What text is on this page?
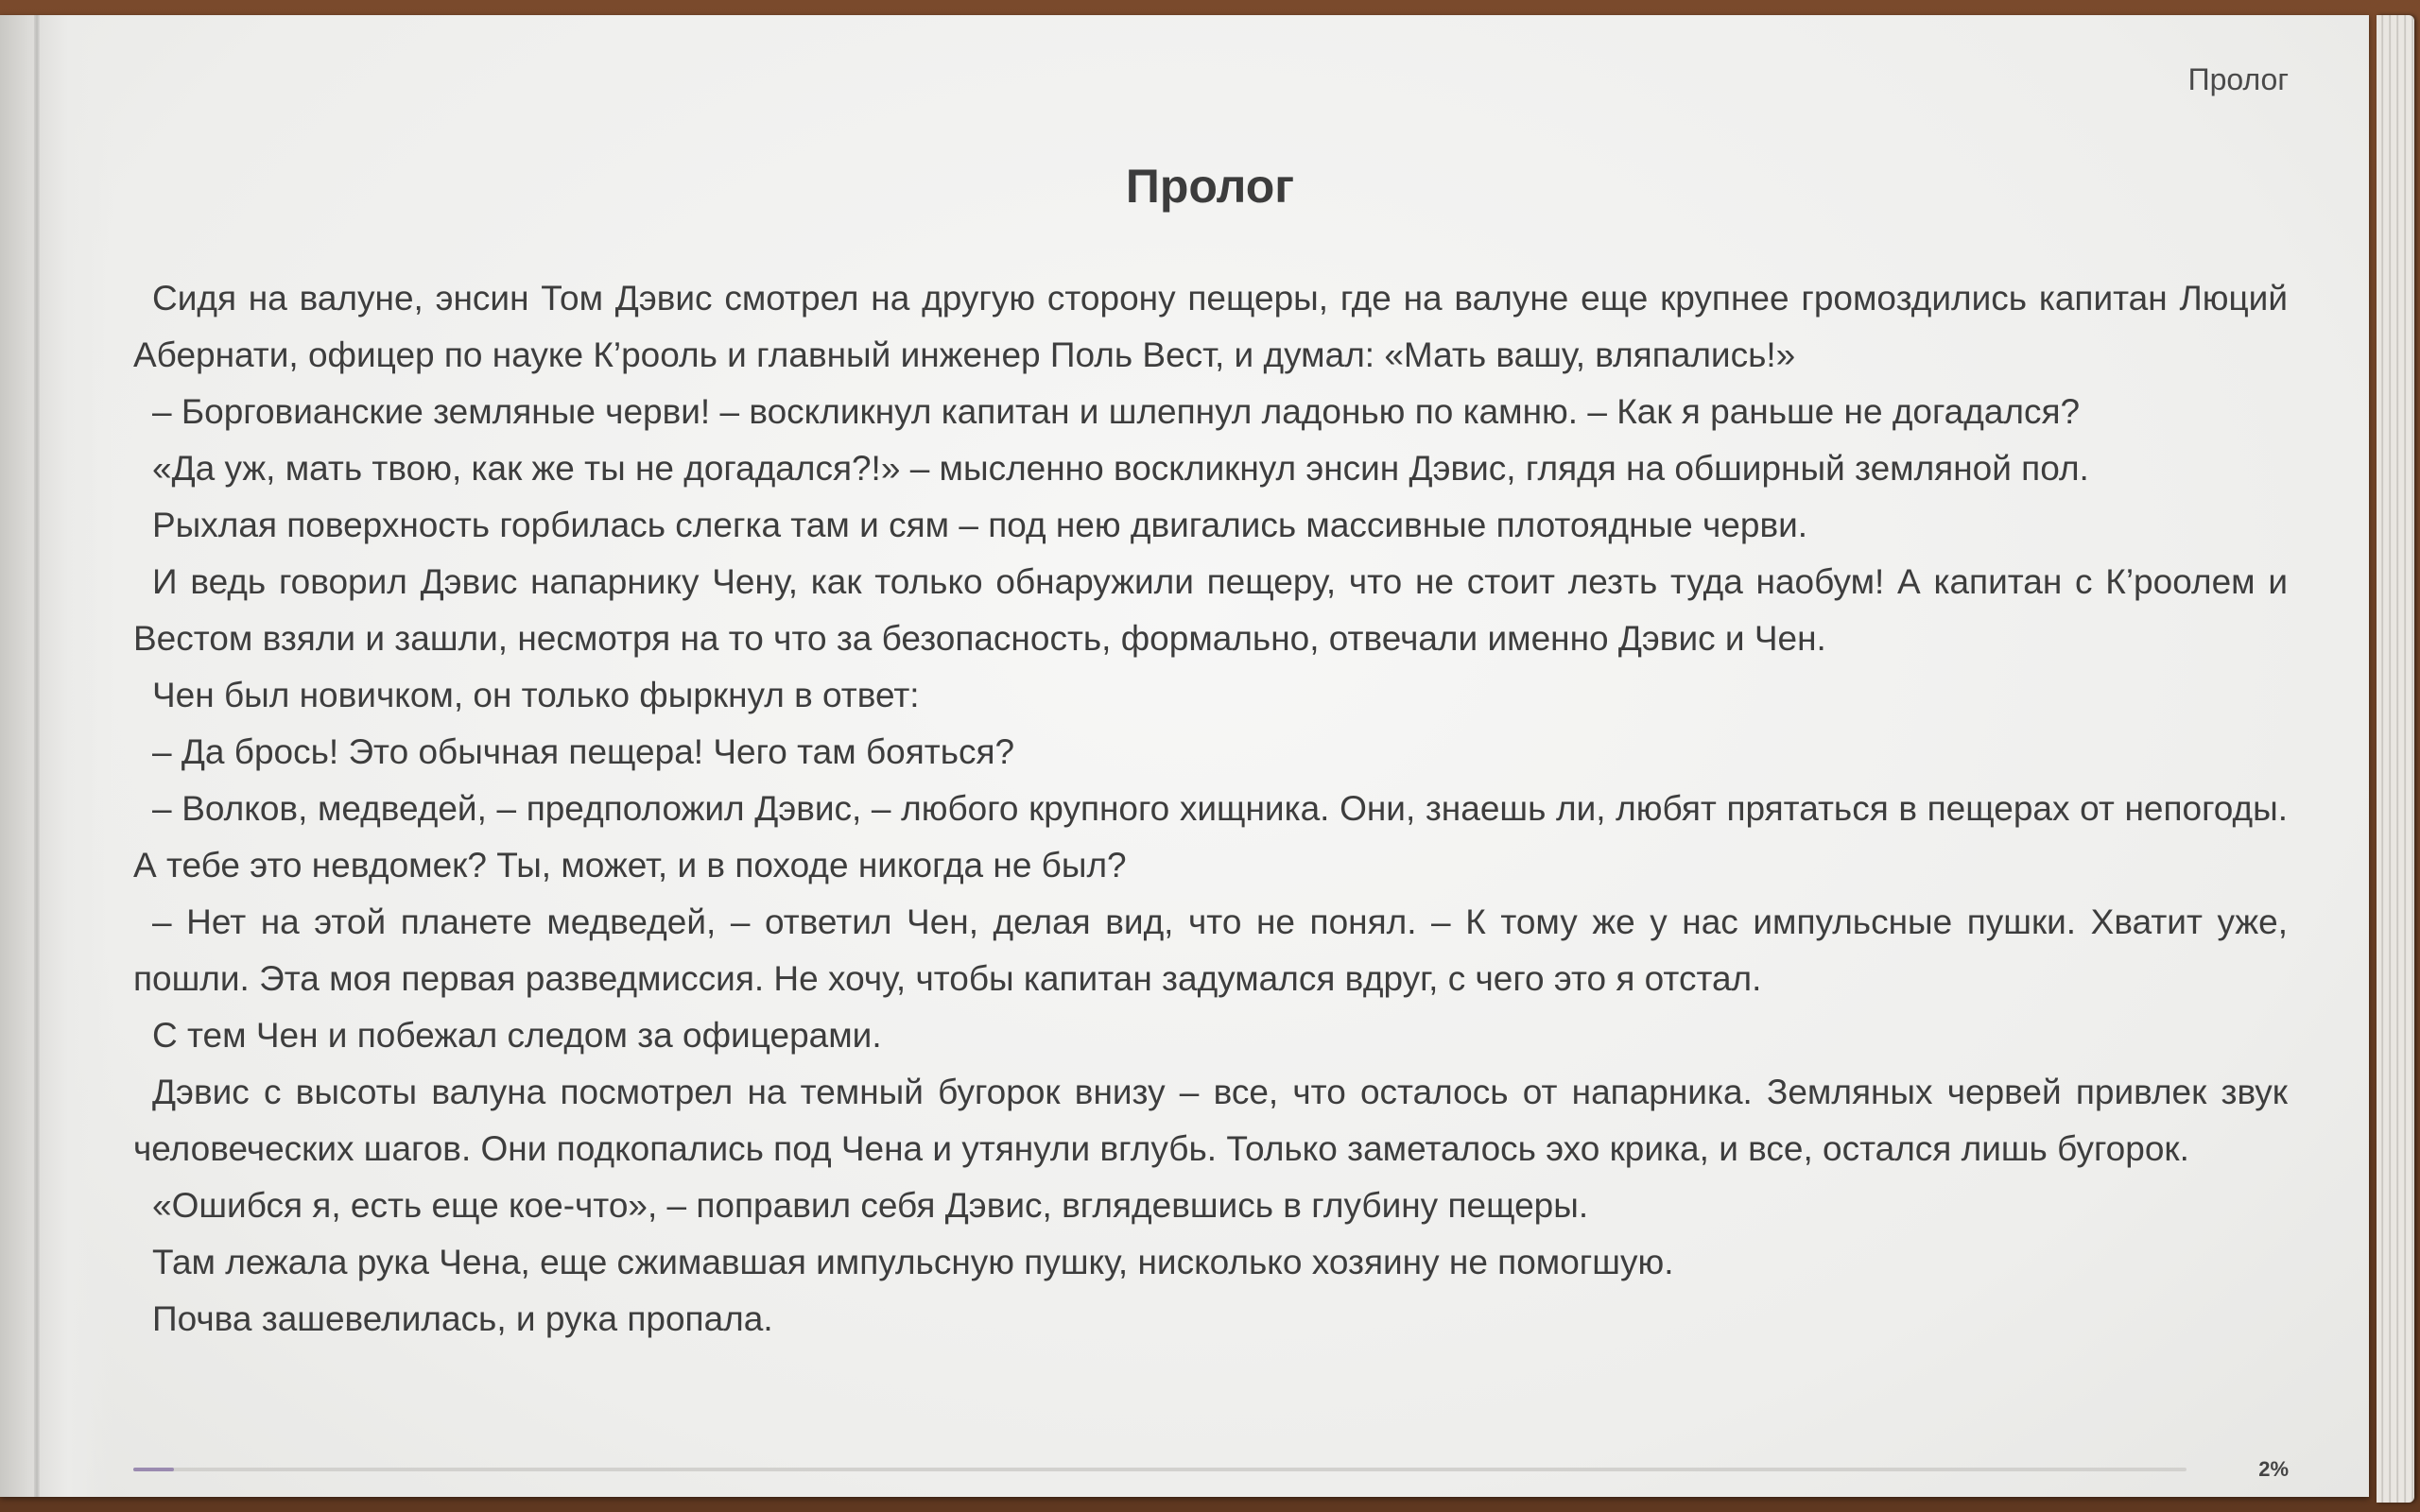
Пролог
Пролог

Сидя на валуне, энсин Том Дэвис смотрел на другую сторону пещеры, где на валуне еще крупнее громоздились капитан Люций Абернати, офицер по науке К’рооль и главный инженер Поль Вест, и думал: «Мать вашу, вляпались!»

– Борговианские земляные черви! – воскликнул капитан и шлепнул ладонью по камню. – Как я раньше не догадался?

«Да уж, мать твою, как же ты не догадался?!» – мысленно воскликнул энсин Дэвис, глядя на обширный земляной пол.

Рыхлая поверхность горбилась слегка там и сям – под нею двигались массивные плотоядные черви.

И ведь говорил Дэвис напарнику Чену, как только обнаружили пещеру, что не стоит лезть туда наобум! А капитан с К’роолем и Вестом взяли и зашли, несмотря на то что за безопасность, формально, отвечали именно Дэвис и Чен.

Чен был новичком, он только фыркнул в ответ:

– Да брось! Это обычная пещера! Чего там бояться?

– Волков, медведей, – предположил Дэвис, – любого крупного хищника. Они, знаешь ли, любят прятаться в пещерах от непогоды. А тебе это невдомек? Ты, может, и в походе никогда не был?

– Нет на этой планете медведей, – ответил Чен, делая вид, что не понял. – К тому же у нас импульсные пушки. Хватит уже, пошли. Эта моя первая разведмиссия. Не хочу, чтобы капитан задумался вдруг, с чего это я отстал.

С тем Чен и побежал следом за офицерами.

Дэвис с высоты валуна посмотрел на темный бугорок внизу – все, что осталось от напарника. Земляных червей привлек звук человеческих шагов. Они подкопались под Чена и утянули вглубь. Только заметалось эхо крика, и все, остался лишь бугорок.

«Ошибся я, есть еще кое-что», – поправил себя Дэвис, вглядевшись в глубину пещеры.

Там лежала рука Чена, еще сжимавшая импульсную пушку, нисколько хозяину не помогшую.

Почва зашевелилась, и рука пропала.

2%
